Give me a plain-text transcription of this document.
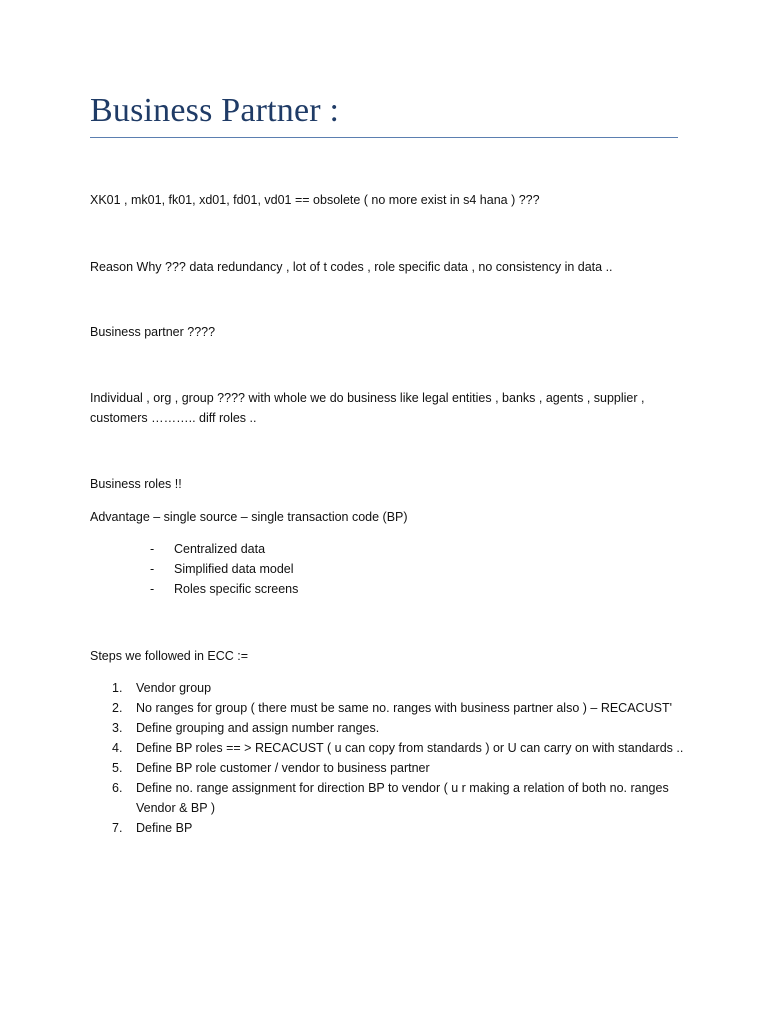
Business Partner :
XK01 , mk01, fk01, xd01, fd01, vd01 == obsolete ( no more exist in s4 hana ) ???
Reason Why ??? data redundancy , lot of t codes , role specific data , no consistency in data ..
Business partner ????
Individual , org , group ???? with whole we do business like legal entities , banks , agents , supplier , customers ……….. diff roles ..
Business roles !!
Advantage – single source – single transaction code (BP)
- Centralized data
- Simplified data model
- Roles specific screens
Steps we followed in ECC :=
1. Vendor group
2. No ranges for group ( there must be same no. ranges with business partner also ) – RECACUST'
3. Define grouping and assign number ranges.
4. Define BP roles == > RECACUST ( u can copy from standards ) or U can carry on with standards ..
5. Define BP role customer / vendor to business partner
6. Define no. range assignment for direction BP to vendor ( u r making a relation of both no. ranges Vendor & BP )
7. Define BP
